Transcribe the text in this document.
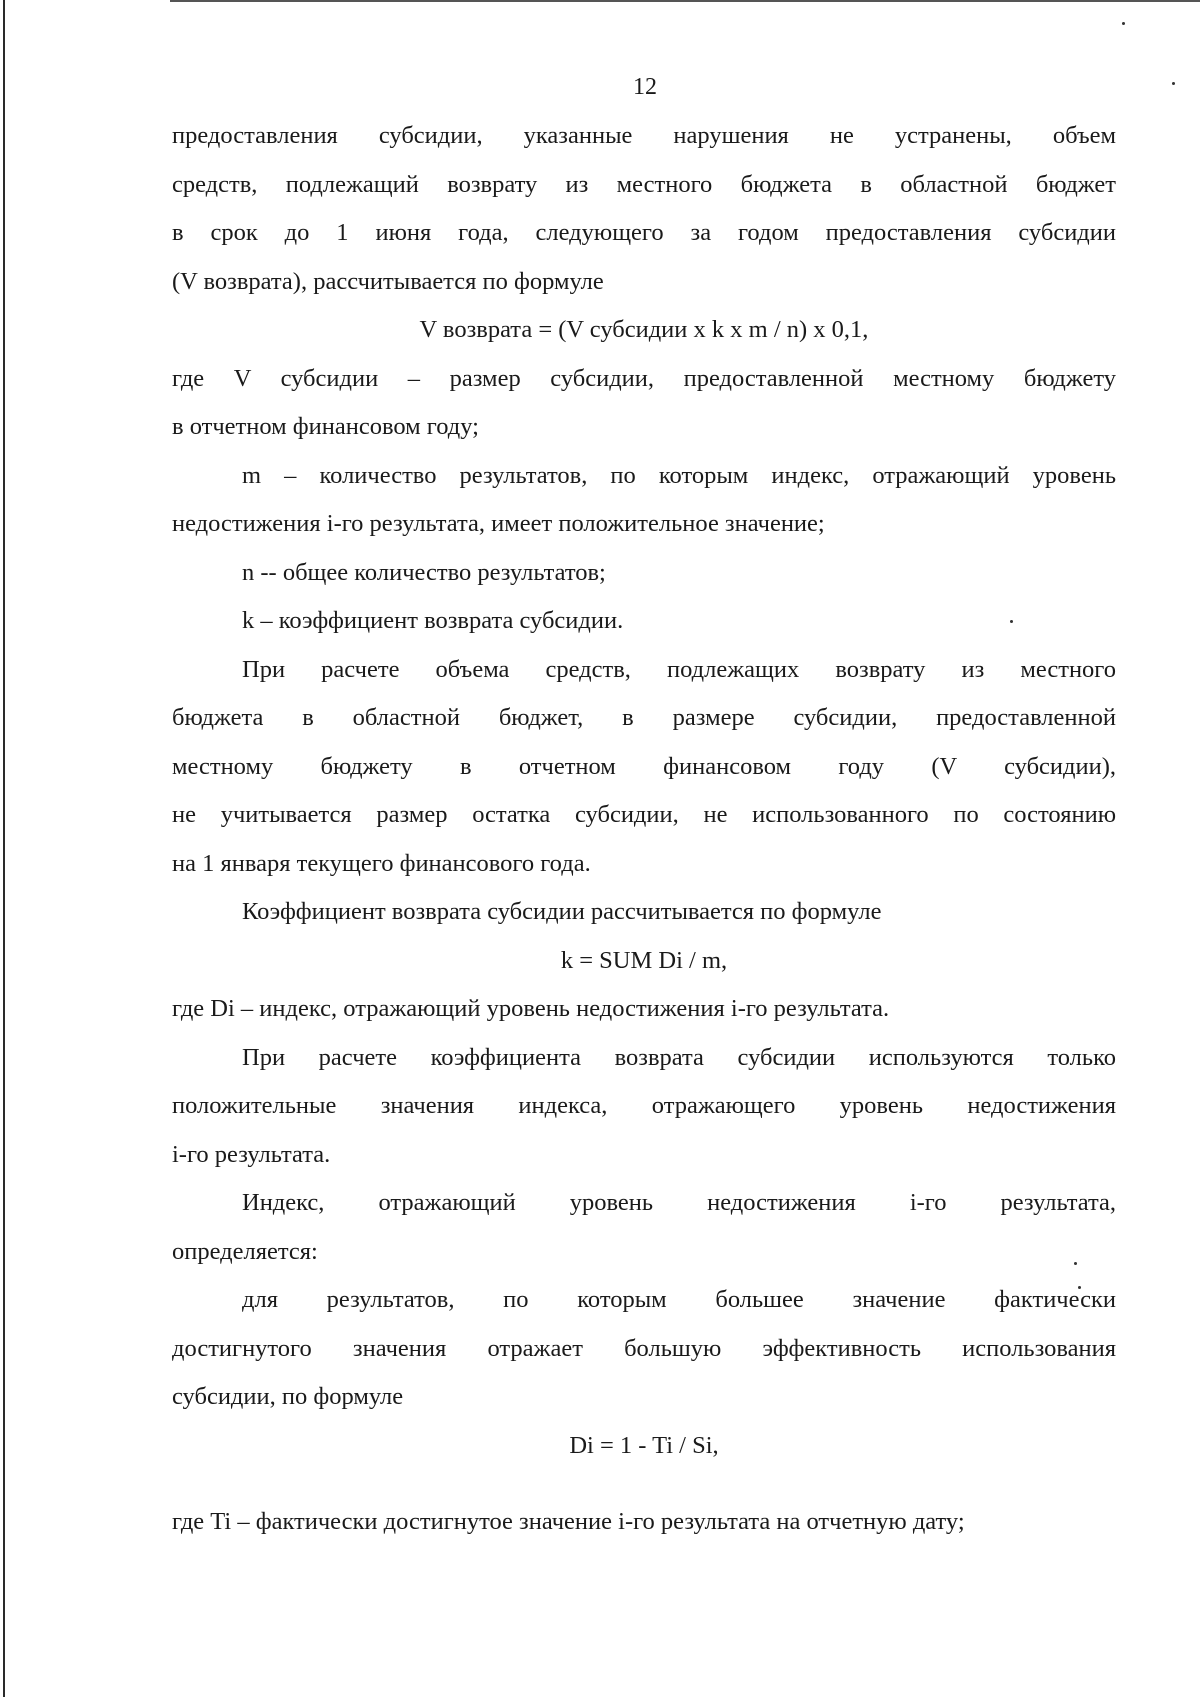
12
предоставления субсидии, указанные нарушения не устранены, объем
средств, подлежащий возврату из местного бюджета в областной бюджет
в срок до 1 июня года, следующего за годом предоставления субсидии
(V возврата), рассчитывается по формуле
V возврата = (V субсидии x k x m / n) x 0,1,
где V субсидии – размер субсидии, предоставленной местному бюджету
в отчетном финансовом году;
m – количество результатов, по которым индекс, отражающий уровень
недостижения i-го результата, имеет положительное значение;
n -- общее количество результатов;
k – коэффициент возврата субсидии.
При расчете объема средств, подлежащих возврату из местного
бюджета в областной бюджет, в размере субсидии, предоставленной
местному бюджету в отчетном финансовом году (V субсидии),
не учитывается размер остатка субсидии, не использованного по состоянию
на 1 января текущего финансового года.
Коэффициент возврата субсидии рассчитывается по формуле
k = SUM Di / m,
где Di – индекс, отражающий уровень недостижения i-го результата.
При расчете коэффициента возврата субсидии используются только
положительные значения индекса, отражающего уровень недостижения
i-го результата.
Индекс, отражающий уровень недостижения i-го результата,
определяется:
для результатов, по которым большее значение фактически
достигнутого значения отражает большую эффективность использования
субсидии, по формуле
Di = 1 - Ti / Si,
где Ti – фактически достигнутое значение i-го результата на отчетную дату;
